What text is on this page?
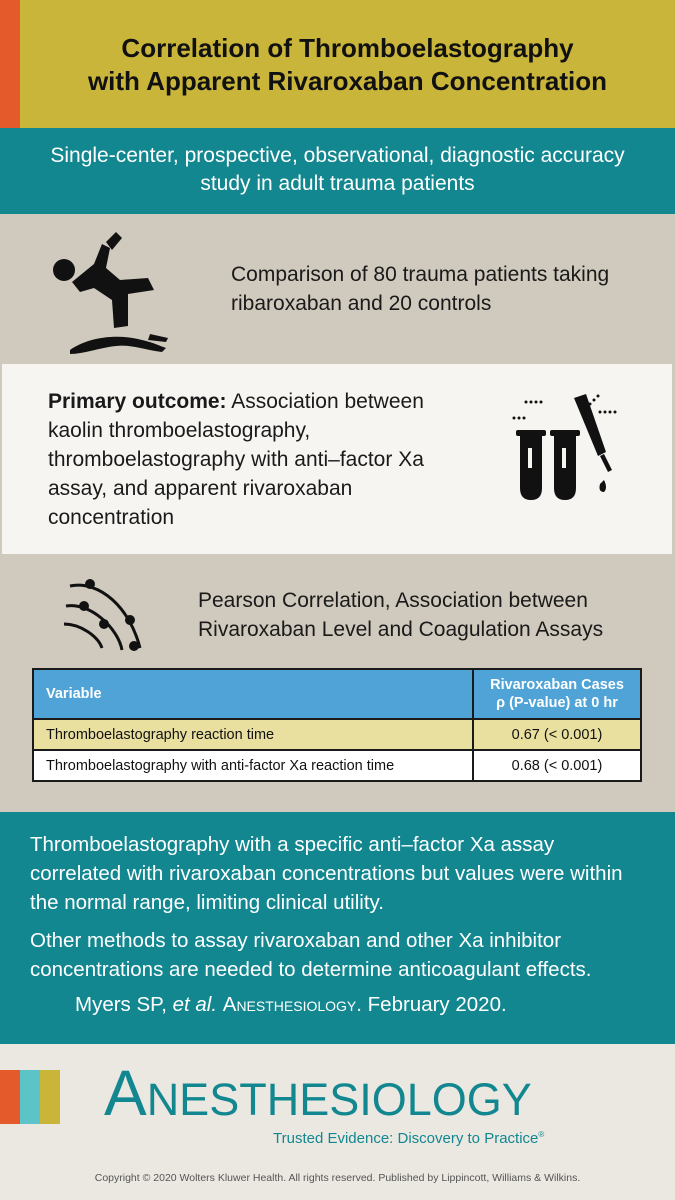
Correlation of Thromboelastography
with Apparent Rivaroxaban Concentration

Single-center, prospective, observational, diagnostic accuracy study in adult trauma patients

Comparison of 80 trauma patients taking ribaroxaban and 20 controls

Primary outcome: Association between kaolin thromboelastography, thromboelastography with anti–factor Xa assay, and apparent rivaroxaban concentration

Pearson Correlation, Association between Rivaroxaban Level and Coagulation Assays

Variable	Rivaroxaban Cases
ρ (P-value) at 0 hr
Thromboelastography reaction time	0.67 (< 0.001)
Thromboelastography with anti-factor Xa reaction time	0.68 (< 0.001)

Thromboelastography with a specific anti–factor Xa assay correlated with rivaroxaban concentrations but values were within the normal range, limiting clinical utility.

Other methods to assay rivaroxaban and other Xa inhibitor concentrations are needed to determine anticoagulant effects.

Myers SP, et al. Anesthesiology. February 2020.
Anesthesiology
Trusted Evidence: Discovery to Practice®
Copyright © 2020 Wolters Kluwer Health. All rights reserved. Published by Lippincott, Williams & Wilkins.
